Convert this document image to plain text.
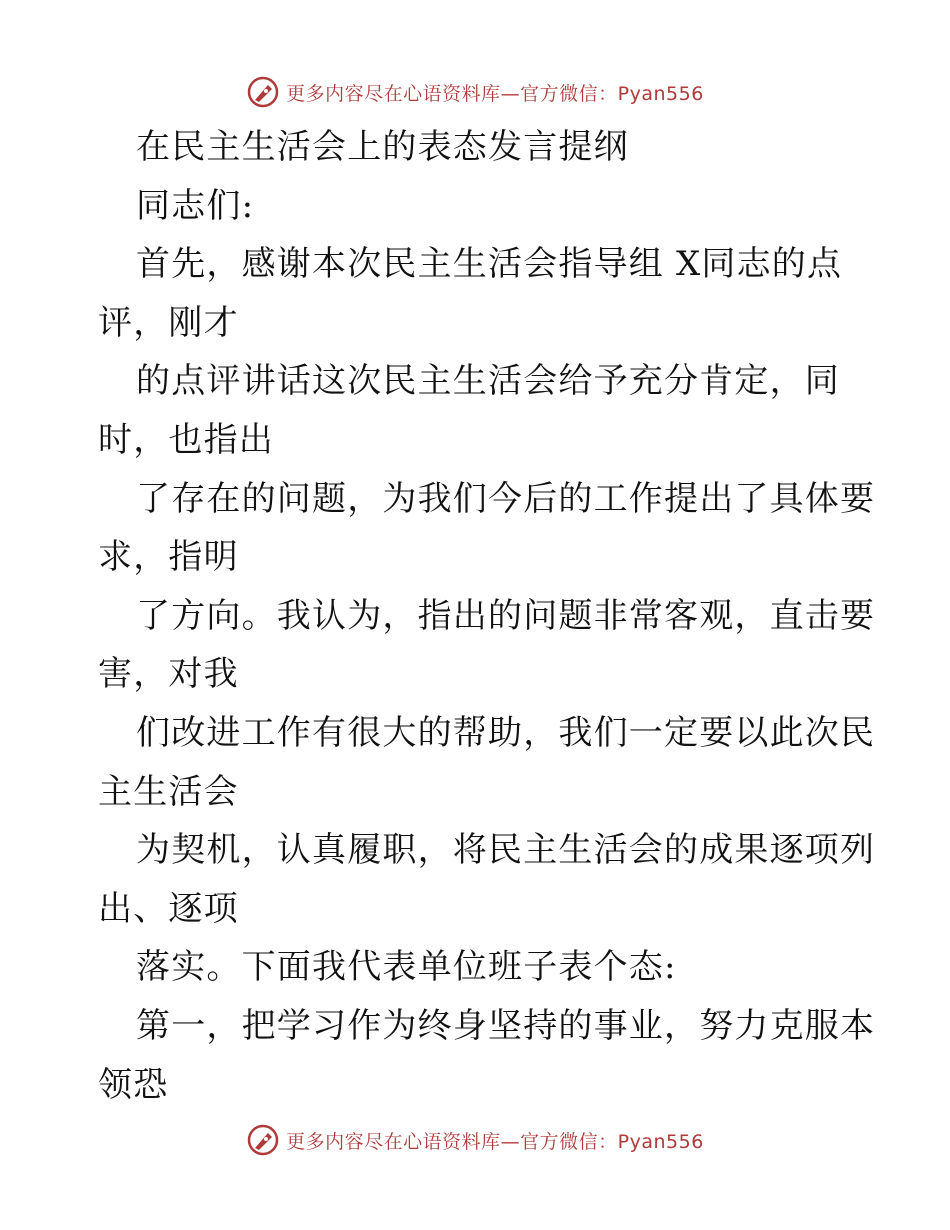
更多内容尽在心语资料库—官方微信：Pyan556
在民主生活会上的表态发言提纲
同志们:
首先，感谢本次民主生活会指导组 X同志的点
评，刚才
的点评讲话这次民主生活会给予充分肯定，同
时，也指出
了存在的问题，为我们今后的工作提出了具体要
求，指明
了方向。我认为，指出的问题非常客观，直击要
害，对我
们改进工作有很大的帮助，我们一定要以此次民
主生活会
为契机，认真履职，将民主生活会的成果逐项列
出、逐项
落实。下面我代表单位班子表个态:
第一，把学习作为终身坚持的事业，努力克服本
领恐
更多内容尽在心语资料库—官方微信：Pyan556
